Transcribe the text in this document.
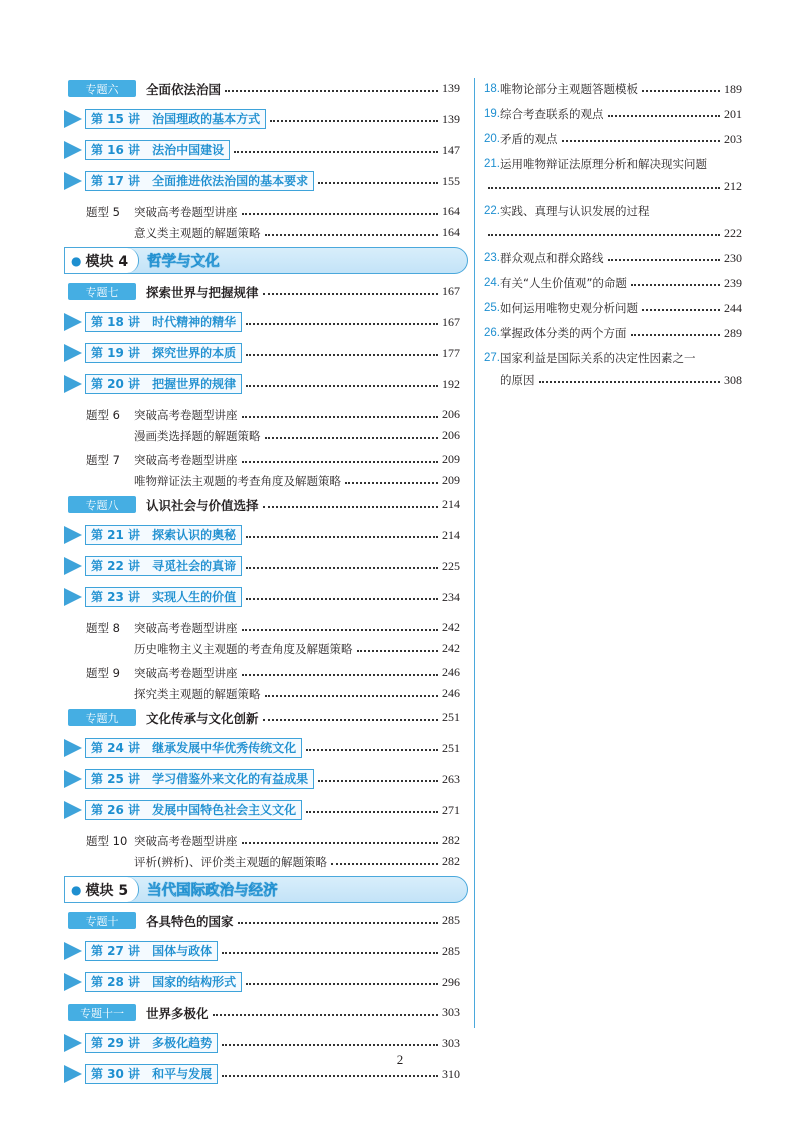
专题六	全面依法治国	139
第 15 讲 治国理政的基本方式	139
第 16 讲 法治中国建设	147
第 17 讲 全面推进依法治国的基本要求	155
题型 5	突破高考卷题型讲座	164
意义类主观题的解题策略	164
● 模块 4 哲学与文化
专题七	探索世界与把握规律	167
第 18 讲 时代精神的精华	167
第 19 讲 探究世界的本质	177
第 20 讲 把握世界的规律	192
题型 6	突破高考卷题型讲座	206
漫画类选择题的解题策略	206
题型 7	突破高考卷题型讲座	209
唯物辩证法主观题的考查角度及解题策略	209
专题八	认识社会与价值选择	214
第 21 讲 探索认识的奥秘	214
第 22 讲 寻觅社会的真谛	225
第 23 讲 实现人生的价值	234
题型 8	突破高考卷题型讲座	242
历史唯物主义主观题的考查角度及解题策略	242
题型 9	突破高考卷题型讲座	246
探究类主观题的解题策略	246
专题九	文化传承与文化创新	251
第 24 讲 继承发展中华优秀传统文化	251
第 25 讲 学习借鉴外来文化的有益成果	263
第 26 讲 发展中国特色社会主义文化	271
题型 10 突破高考卷题型讲座	282
评析(辨析)、评价类主观题的解题策略	282
● 模块 5 当代国际政治与经济
专题十	各具特色的国家	285
第 27 讲 国体与政体	285
第 28 讲 国家的结构形式	296
专题十一	世界多极化	303
第 29 讲 多极化趋势	303
第 30 讲 和平与发展	310
18. 唯物论部分主观题答题模板	189
19. 综合考查联系的观点	201
20. 矛盾的观点	203
21. 运用唯物辩证法原理分析和解决现实问题
212
22. 实践、真理与认识发展的过程
222
23. 群众观点和群众路线	230
24. 有关“人生价值观”的命题	239
25. 如何运用唯物史观分析问题	244
26. 掌握政体分类的两个方面	289
27. 国家利益是国际关系的决定性因素之一
的原因	308
2
